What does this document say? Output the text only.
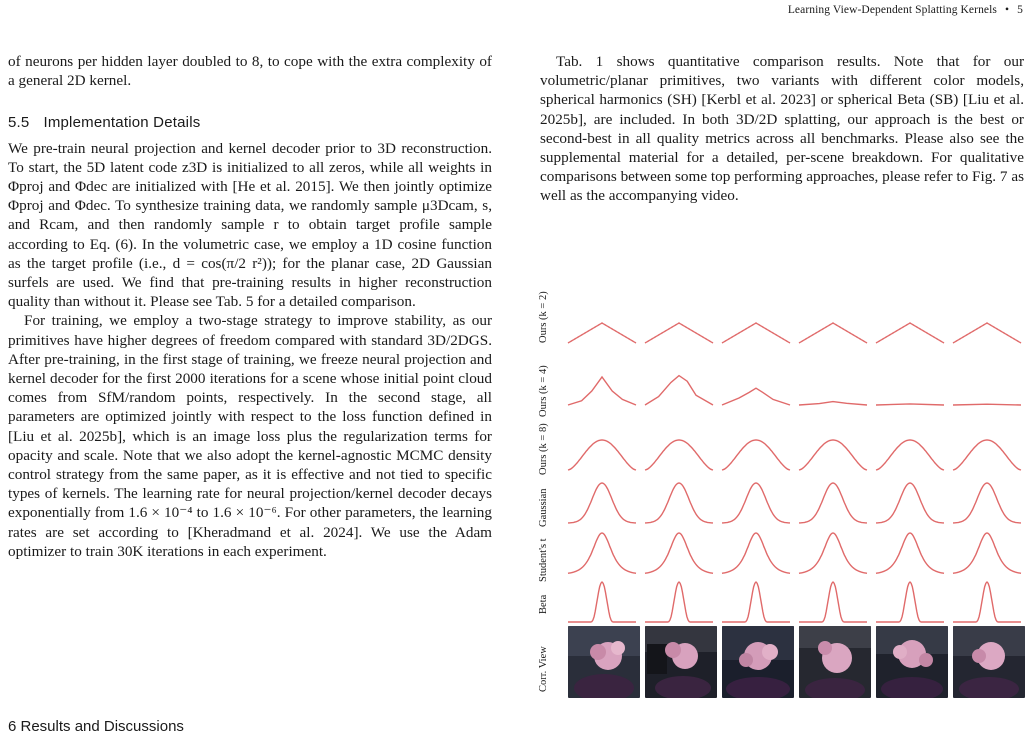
Learning View-Dependent Splatting Kernels • 5

of neurons per hidden layer doubled to 8, to cope with the extra complexity of a general 2D kernel.

5.5 Implementation Details

We pre-train neural projection and kernel decoder prior to 3D reconstruction. To start, the 5D latent code z3D is initialized to all zeros, while all weights in Φproj and Φdec are initialized with [He et al. 2015]. We then jointly optimize Φproj and Φdec. To synthesize training data, we randomly sample μ3Dcam, s, and Rcam, and then randomly sample r to obtain target profile sample according to Eq. (6). In the volumetric case, we employ a 1D cosine function as the target profile (i.e., d = cos(π/2 r²)); for the planar case, 2D Gaussian surfels are used. We find that pre-training results in higher reconstruction quality than without it. Please see Tab. 5 for a detailed comparison.

For training, we employ a two-stage strategy to improve stability, as our primitives have higher degrees of freedom compared with standard 3D/2DGS. After pre-training, in the first stage of training, we freeze neural projection and kernel decoder for the first 2000 iterations for a scene whose initial point cloud comes from SfM/random points, respectively. In the second stage, all parameters are optimized jointly with respect to the loss function defined in [Liu et al. 2025b], which is an image loss plus the regularization terms for opacity and scale. Note that we also adopt the kernel-agnostic MCMC density control strategy from the same paper, as it is effective and not tied to specific types of kernels. The learning rate for neural projection/kernel decoder decays exponentially from 1.6 × 10⁻⁴ to 1.6 × 10⁻⁶. For other parameters, the learning rates are set according to [Kheradmand et al. 2024]. We use the Adam optimizer to train 30K iterations in each experiment.

6 Results and Discussions

Tab. 1 shows quantitative comparison results. Note that for our volumetric/planar primitives, two variants with different color models, spherical harmonics (SH) [Kerbl et al. 2023] or spherical Beta (SB) [Liu et al. 2025b], are included. In both 3D/2D splatting, our approach is the best or second-best in all quality metrics across all benchmarks. Please also see the supplemental material for a detailed, per-scene breakdown. For qualitative comparisons between some top performing approaches, please refer to Fig. 7 as well as the accompanying video.

Ours (k = 2)
Ours (k = 4)
Ours (k = 8)
Gaussian
Student's t
Beta
Corr. View
